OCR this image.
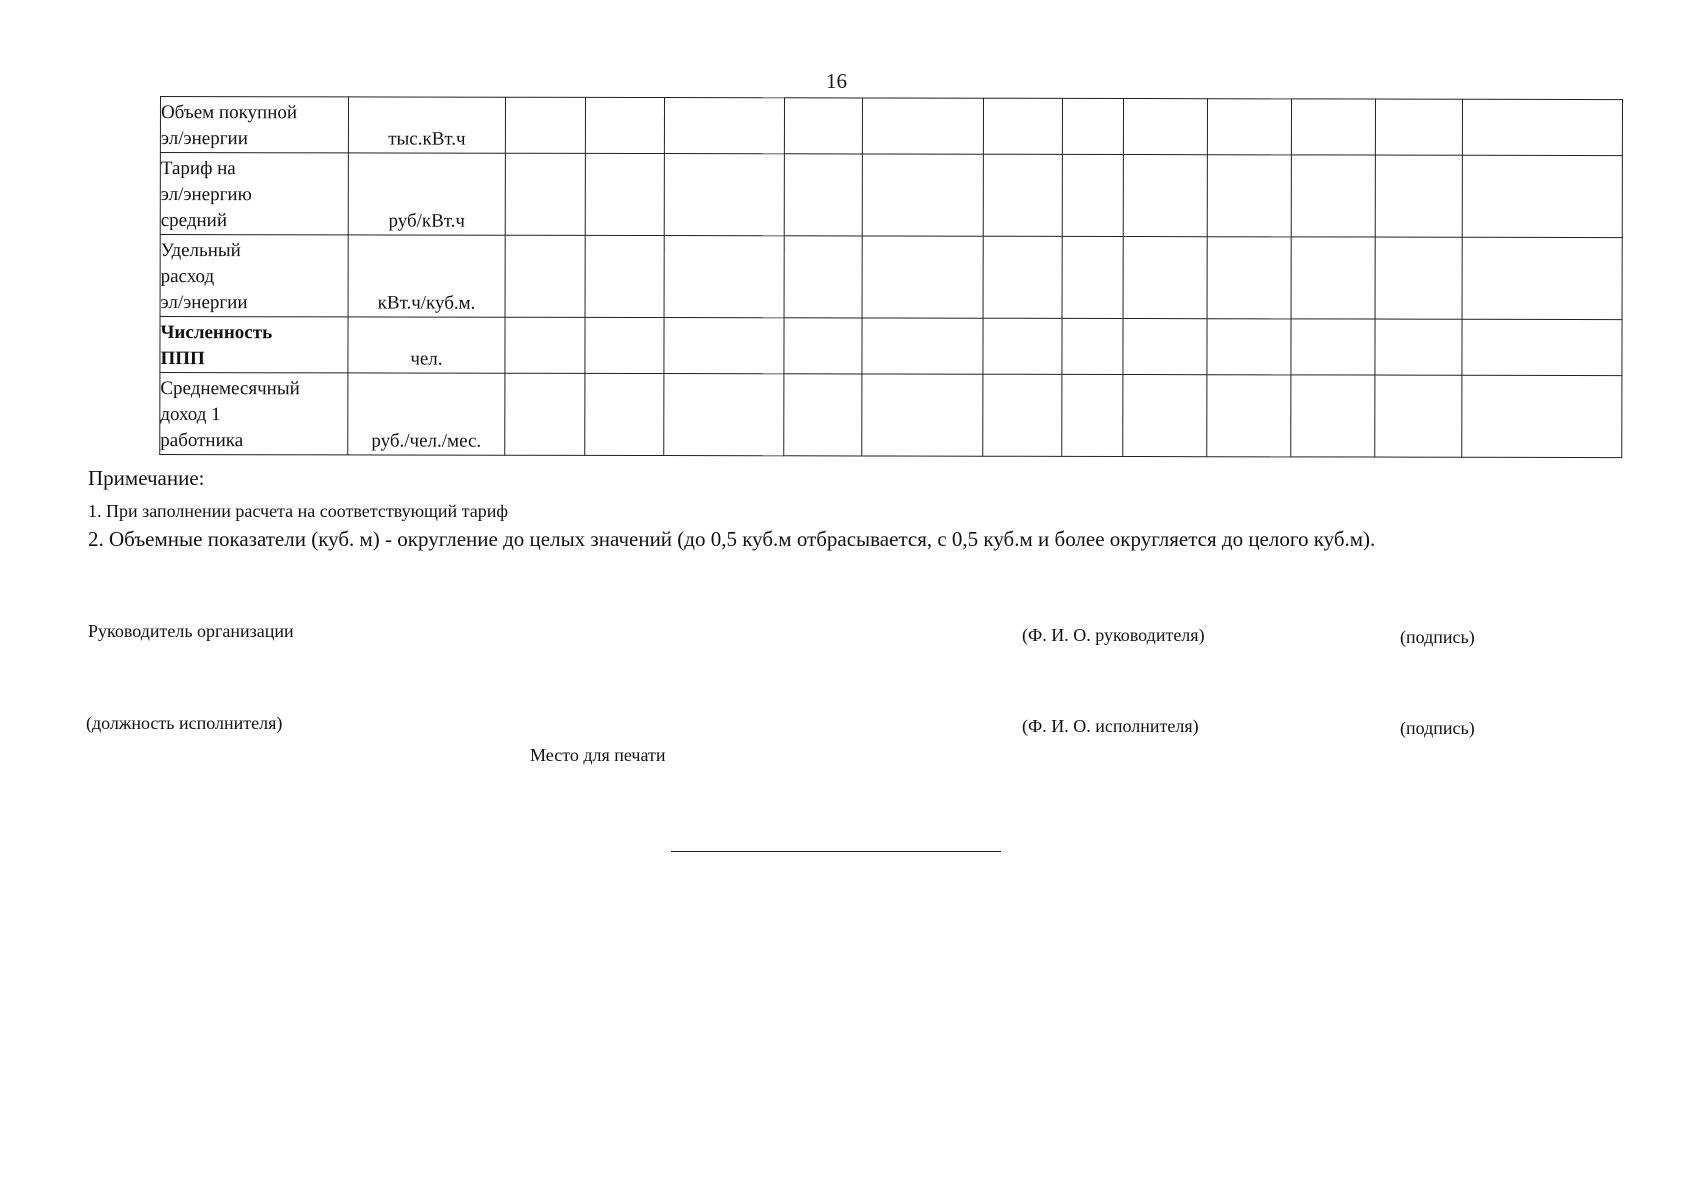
16
Объем покупной
эл/энергии	тыс.кВт.ч												

Тариф на
эл/энергию
средний	руб/кВт.ч												

Удельный
расход
эл/энергии	кВт.ч/куб.м.												

Численность
ППП	чел.												

Среднемесячный
доход 1
работника	руб./чел./мес.												
Примечание:
1. При заполнении расчета на соответствующий тариф
2. Объемные показатели (куб. м) - округление до целых значений (до 0,5 куб.м отбрасывается, с 0,5 куб.м и более округляется до целого куб.м).
Руководитель организации	(Ф. И. О. руководителя)	(подпись)
(должность исполнителя)	(Ф. И. О. исполнителя)	(подпись)
Место для печати
